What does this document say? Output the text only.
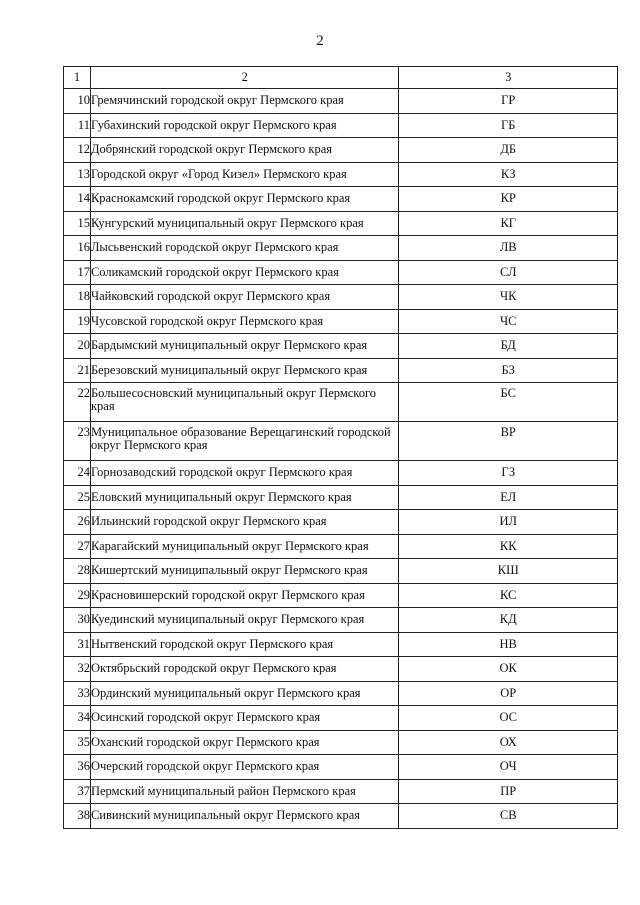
2
1	2	3
10	Гремячинский городской округ Пермского края	ГР
11	Губахинский городской округ Пермского края	ГБ
12	Добрянский городской округ Пермского края	ДБ
13	Городской округ «Город Кизел» Пермского края	КЗ
14	Краснокамский городской округ Пермского края	КР
15	Кунгурский муниципальный округ Пермского края	КГ
16	Лысьвенский городской округ Пермского края	ЛВ
17	Соликамский городской округ Пермского края	СЛ
18	Чайковский городской округ Пермского края	ЧК
19	Чусовской городской округ Пермского края	ЧС
20	Бардымский муниципальный округ Пермского края	БД
21	Березовский муниципальный округ Пермского края	БЗ
22	Большесосновский муниципальный округ Пермского края	БС
23	Муниципальное образование Верещагинский городской округ Пермского края	ВР
24	Горнозаводский городской округ Пермского края	ГЗ
25	Еловский муниципальный округ Пермского края	ЕЛ
26	Ильинский городской округ Пермского края	ИЛ
27	Карагайский муниципальный округ Пермского края	КК
28	Кишертский муниципальный округ Пермского края	КШ
29	Красновишерский городской округ Пермского края	КС
30	Куединский муниципальный округ Пермского края	КД
31	Нытвенский городской округ Пермского края	НВ
32	Октябрьский городской округ Пермского края	ОК
33	Ординский муниципальный округ Пермского края	ОР
34	Осинский городской округ Пермского края	ОС
35	Оханский городской округ Пермского края	ОХ
36	Очерский городской округ Пермского края	ОЧ
37	Пермский муниципальный район Пермского края	ПР
38	Сивинский муниципальный округ Пермского края	СВ
